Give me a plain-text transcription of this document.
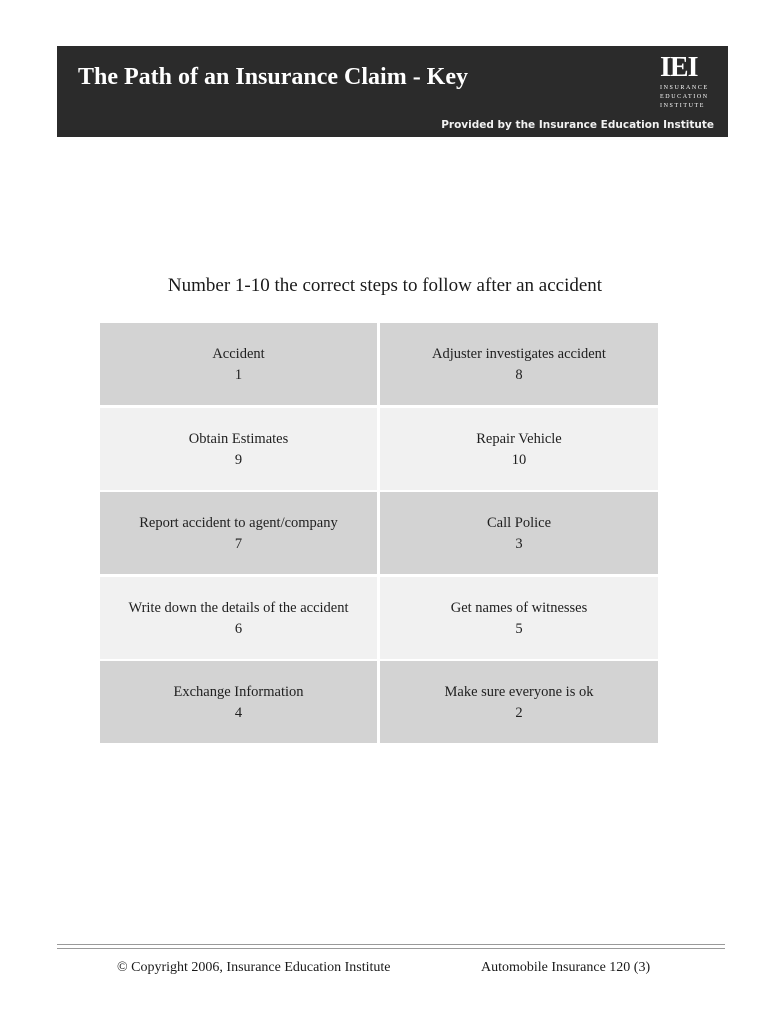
The Path of an Insurance Claim - Key	IEI
INSURANCE
EDUCATION
INSTITUTE
Provided by the Insurance Education Institute
Number 1-10 the correct steps to follow after an accident
Accident
1
Adjuster investigates accident
8
Obtain Estimates
9
Repair Vehicle
10
Report accident to agent/company
7
Call Police
3
Write down the details of the accident
6
Get names of witnesses
5
Exchange Information
4
Make sure everyone is ok
2
© Copyright 2006, Insurance Education Institute	Automobile Insurance 120 (3)
